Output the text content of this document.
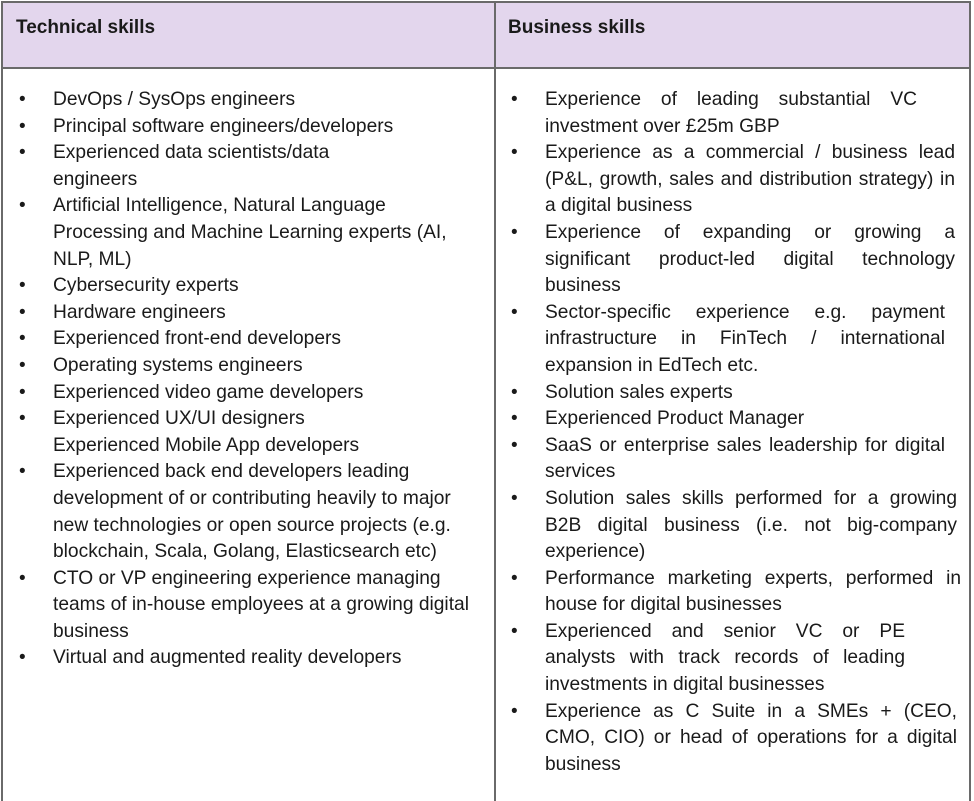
Technical skills	Business skills
• DevOps / SysOps engineers
• Principal software engineers/developers
• Experienced data scientists/data engineers
• Artificial Intelligence, Natural Language Processing and Machine Learning experts (AI, NLP, ML)
• Cybersecurity experts
• Hardware engineers
• Experienced front-end developers
• Operating systems engineers
• Experienced video game developers
• Experienced UX/UI designers Experienced Mobile App developers
• Experienced back end developers leading development of or contributing heavily to major new technologies or open source projects (e.g. blockchain, Scala, Golang, Elasticsearch etc)
• CTO or VP engineering experience managing teams of in-house employees at a growing digital business
• Virtual and augmented reality developers
• Experience of leading substantial VC investment over £25m GBP
• Experience as a commercial / business lead (P&L, growth, sales and distribution strategy) in a digital business
• Experience of expanding or growing a significant product-led digital technology business
• Sector-specific experience e.g. payment infrastructure in FinTech / international expansion in EdTech etc.
• Solution sales experts
• Experienced Product Manager
• SaaS or enterprise sales leadership for digital services
• Solution sales skills performed for a growing B2B digital business (i.e. not big-company experience)
• Performance marketing experts, performed in house for digital businesses
• Experienced and senior VC or PE analysts with track records of leading investments in digital businesses
• Experience as C Suite in a SMEs + (CEO, CMO, CIO) or head of operations for a digital business
